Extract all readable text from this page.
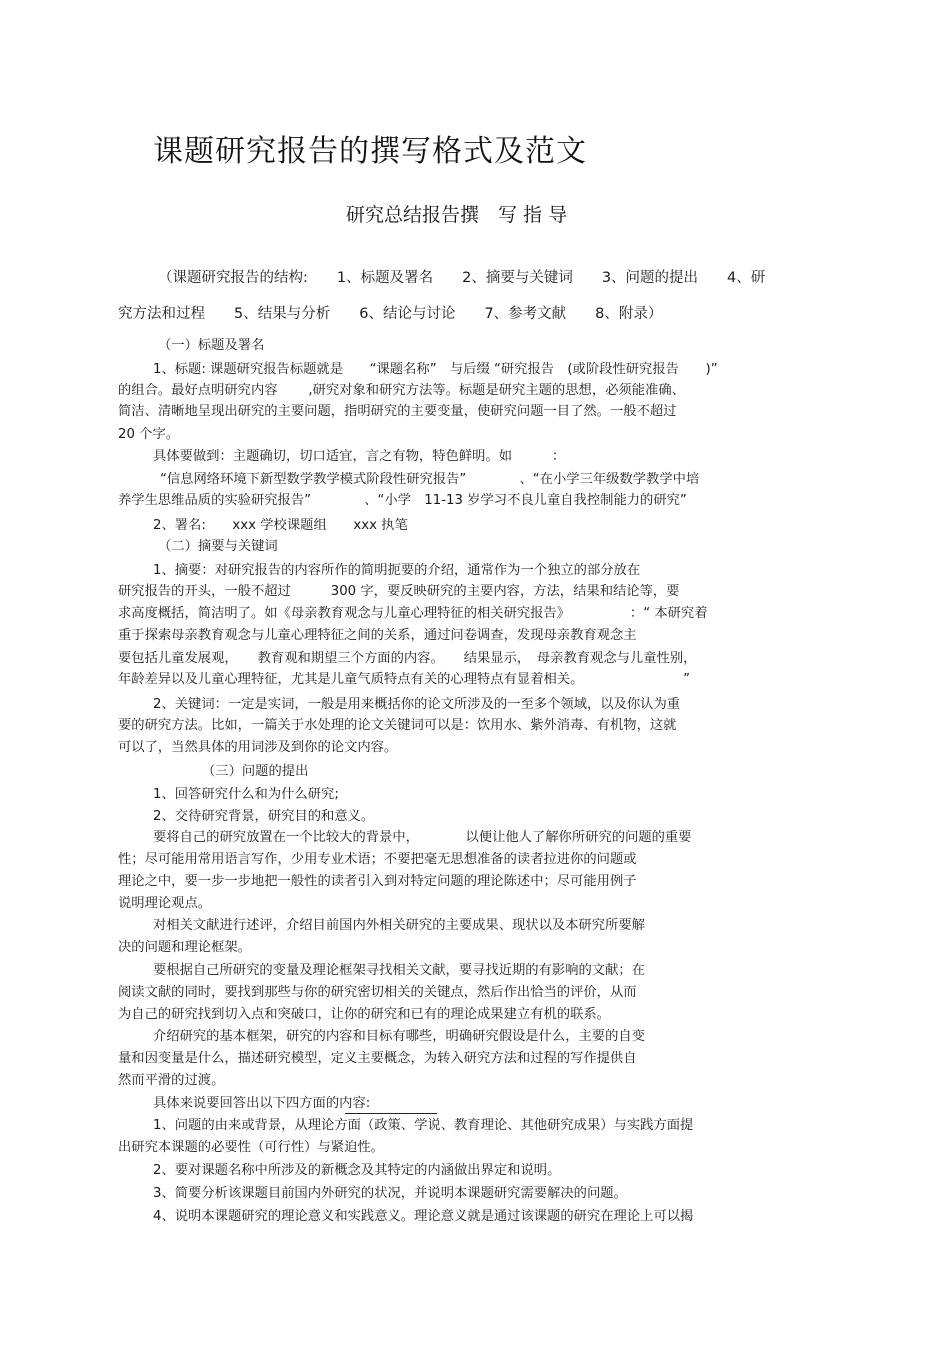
课题研究报告的撰写格式及范文
研究总结报告撰　写 指 导
（课题研究报告的结构:　　1、标题及署名　　2、摘要与关键词　　3、问题的提出　　4、研
究方法和过程　　5、结果与分析　　6、结论与讨论　　7、参考文献　　8、附录）
（一）标题及署名
1、标题: 课题研究报告标题就是　　“课题名称”　与后缀 “研究报告　(或阶段性研究报告　　)”
的组合。最好点明研究内容　　 ,研究对象和研究方法等。标题是研究主题的思想，必须能准确、
简洁、清晰地呈现出研究的主要问题，指明研究的主要变量，使研究问题一目了然。一般不超过
20 个字。
具体要做到：主题确切，切口适宜，言之有物，特色鲜明。如　　　：
“信息网络环境下新型数学教学模式阶段性研究报告”　　　　、“在小学三年级数学教学中培
养学生思维品质的实验研究报告”　　　　、“小学　11-13 岁学习不良儿童自我控制能力的研究”
2、署名:　　xxx 学校课题组　　xxx 执笔
（二）摘要与关键词
1、摘要：对研究报告的内容所作的简明扼要的介绍，通常作为一个独立的部分放在
研究报告的开头，一般不超过　　　300 字，要反映研究的主要内容，方法，结果和结论等，要
求高度概括，简洁明了。如《母亲教育观念与儿童心理特征的相关研究报告》　　　　　：“ 本研究着
重于探索母亲教育观念与儿童心理特征之间的关系，通过问卷调查，发现母亲教育观念主
要包括儿童发展观，　　教育观和期望三个方面的内容。　　结果显示，　母亲教育观念与儿童性别，
年龄差异以及儿童心理特征，尤其是儿童气质特点有关的心理特点有显着相关。　　　　　　　　”
2、关键词：一定是实词，一般是用来概括你的论文所涉及的一至多个领域，以及你认为重
要的研究方法。比如，一篇关于水处理的论文关键词可以是：饮用水、紫外消毒、有机物，这就
可以了，当然具体的用词涉及到你的论文内容。
（三）问题的提出
1、回答研究什么和为什么研究;
2、交待研究背景，研究目的和意义。
要将自己的研究放置在一个比较大的背景中，　　　　以便让他人了解你所研究的问题的重要
性；尽可能用常用语言写作，少用专业术语；不要把毫无思想准备的读者拉进你的问题或
理论之中，要一步一步地把一般性的读者引入到对特定问题的理论陈述中；尽可能用例子
说明理论观点。
对相关文献进行述评，介绍目前国内外相关研究的主要成果、现状以及本研究所要解
决的问题和理论框架。
要根据自己所研究的变量及理论框架寻找相关文献，要寻找近期的有影响的文献；在
阅读文献的同时，要找到那些与你的研究密切相关的关键点，然后作出恰当的评价，从而
为自己的研究找到切入点和突破口，让你的研究和已有的理论成果建立有机的联系。
介绍研究的基本框架，研究的内容和目标有哪些，明确研究假设是什么，主要的自变
量和因变量是什么，描述研究模型，定义主要概念，为转入研究方法和过程的写作提供自
然而平滑的过渡。
具体来说要回答出以下四方面的内容:
1、问题的由来或背景，从理论方面（政策、学说、教育理论、其他研究成果）与实践方面提
出研究本课题的必要性（可行性）与紧迫性。
2、要对课题名称中所涉及的新概念及其特定的内涵做出界定和说明。
3、简要分析该课题目前国内外研究的状况，并说明本课题研究需要解决的问题。
4、说明本课题研究的理论意义和实践意义。理论意义就是通过该课题的研究在理论上可以揭
